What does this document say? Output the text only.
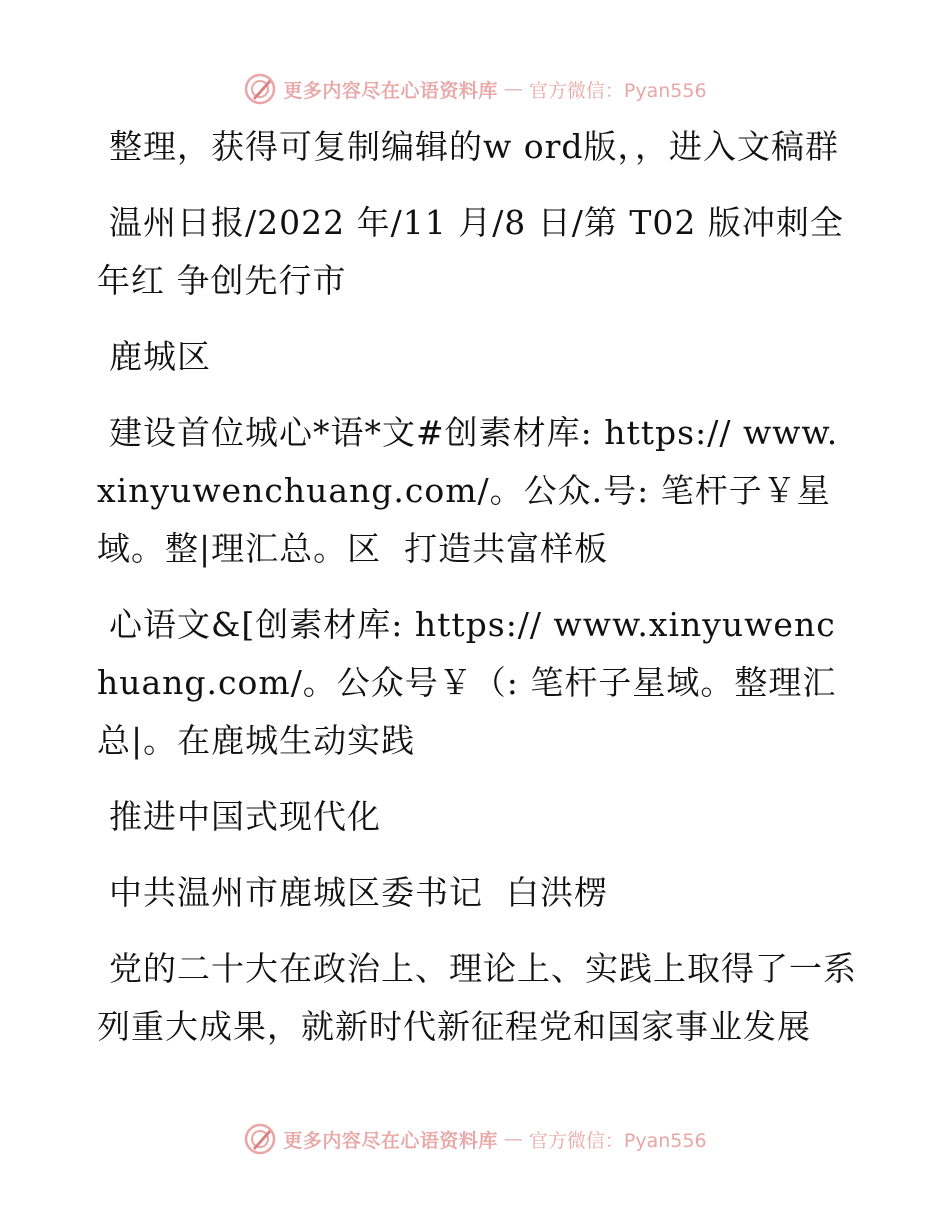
更多内容尽在心语资料库 — 官方微信：Pyan556

整理，获得可复制编辑的w ord版，，进入文稿群

温州日报/2022 年/11 月/8 日/第 T02 版冲刺全年红 争创先行市

鹿城区

建设首位城心*语*文#创素材库: https:// www.xinyuwenchuang.com/。公众.号: 笔杆子￥星域。整|理汇总。区  打造共富样板

心语文&[创素材库: https:// www.xinyuwenchuang.com/。公众号￥（: 笔杆子星域。整理汇总|。在鹿城生动实践

推进中国式现代化

中共温州市鹿城区委书记  白洪楞

党的二十大在政治上、理论上、实践上取得了一系列重大成果，就新时代新征程党和国家事业发展

更多内容尽在心语资料库 — 官方微信：Pyan556
